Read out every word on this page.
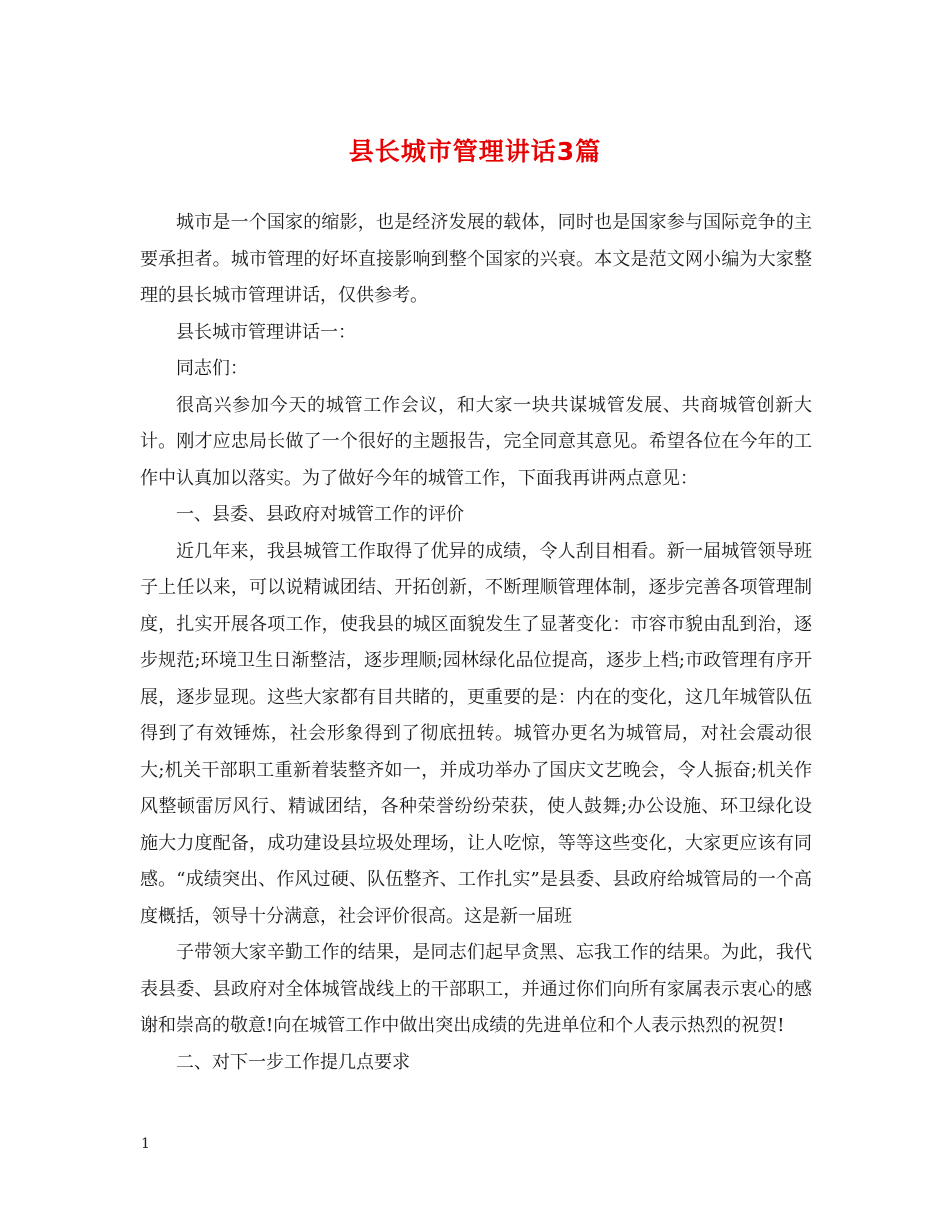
县长城市管理讲话3篇

城市是一个国家的缩影，也是经济发展的载体，同时也是国家参与国际竞争的主要承担者。城市管理的好坏直接影响到整个国家的兴衰。本文是范文网小编为大家整理的县长城市管理讲话，仅供参考。

县长城市管理讲话一：

同志们：

很高兴参加今天的城管工作会议，和大家一块共谋城管发展、共商城管创新大计。刚才应忠局长做了一个很好的主题报告，完全同意其意见。希望各位在今年的工作中认真加以落实。为了做好今年的城管工作，下面我再讲两点意见：

一、县委、县政府对城管工作的评价

近几年来，我县城管工作取得了优异的成绩，令人刮目相看。新一届城管领导班子上任以来，可以说精诚团结、开拓创新，不断理顺管理体制，逐步完善各项管理制度，扎实开展各项工作，使我县的城区面貌发生了显著变化：市容市貌由乱到治，逐步规范;环境卫生日渐整洁，逐步理顺;园林绿化品位提高，逐步上档;市政管理有序开展，逐步显现。这些大家都有目共睹的，更重要的是：内在的变化，这几年城管队伍得到了有效锤炼，社会形象得到了彻底扭转。城管办更名为城管局，对社会震动很大;机关干部职工重新着装整齐如一，并成功举办了国庆文艺晚会，令人振奋;机关作风整顿雷厉风行、精诚团结，各种荣誉纷纷荣获，使人鼓舞;办公设施、环卫绿化设施大力度配备，成功建设县垃圾处理场，让人吃惊，等等这些变化，大家更应该有同感。“成绩突出、作风过硬、队伍整齐、工作扎实”是县委、县政府给城管局的一个高度概括，领导十分满意，社会评价很高。这是新一届班

子带领大家辛勤工作的结果，是同志们起早贪黑、忘我工作的结果。为此，我代表县委、县政府对全体城管战线上的干部职工，并通过你们向所有家属表示衷心的感谢和崇高的敬意!向在城管工作中做出突出成绩的先进单位和个人表示热烈的祝贺!

二、对下一步工作提几点要求

1
